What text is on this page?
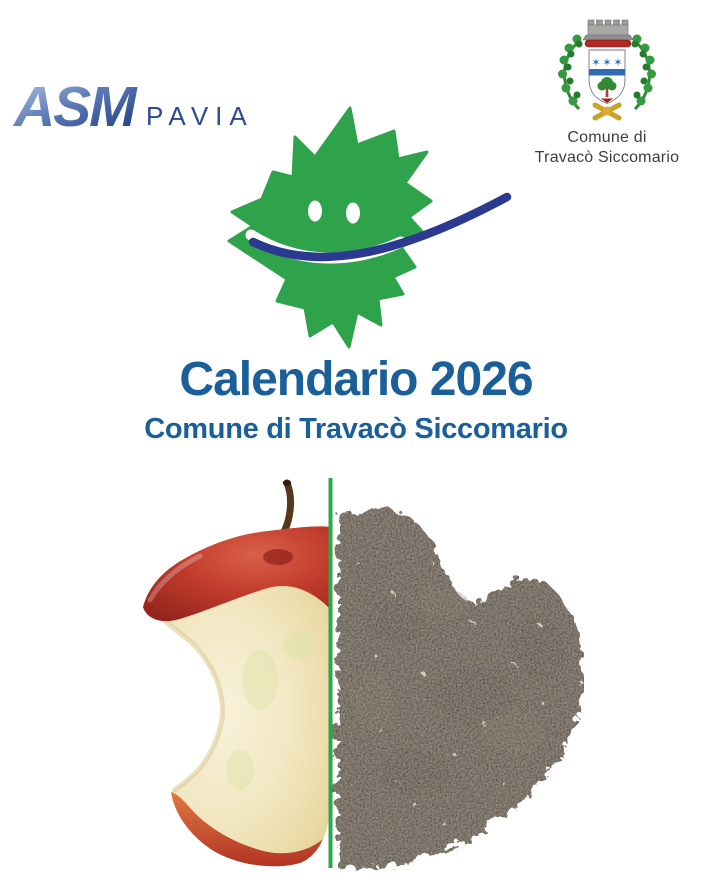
ASM PAVIA
✶ ✶ ✶
Comune di
Travacò Siccomario
Calendario 2026
Comune di Travacò Siccomario
